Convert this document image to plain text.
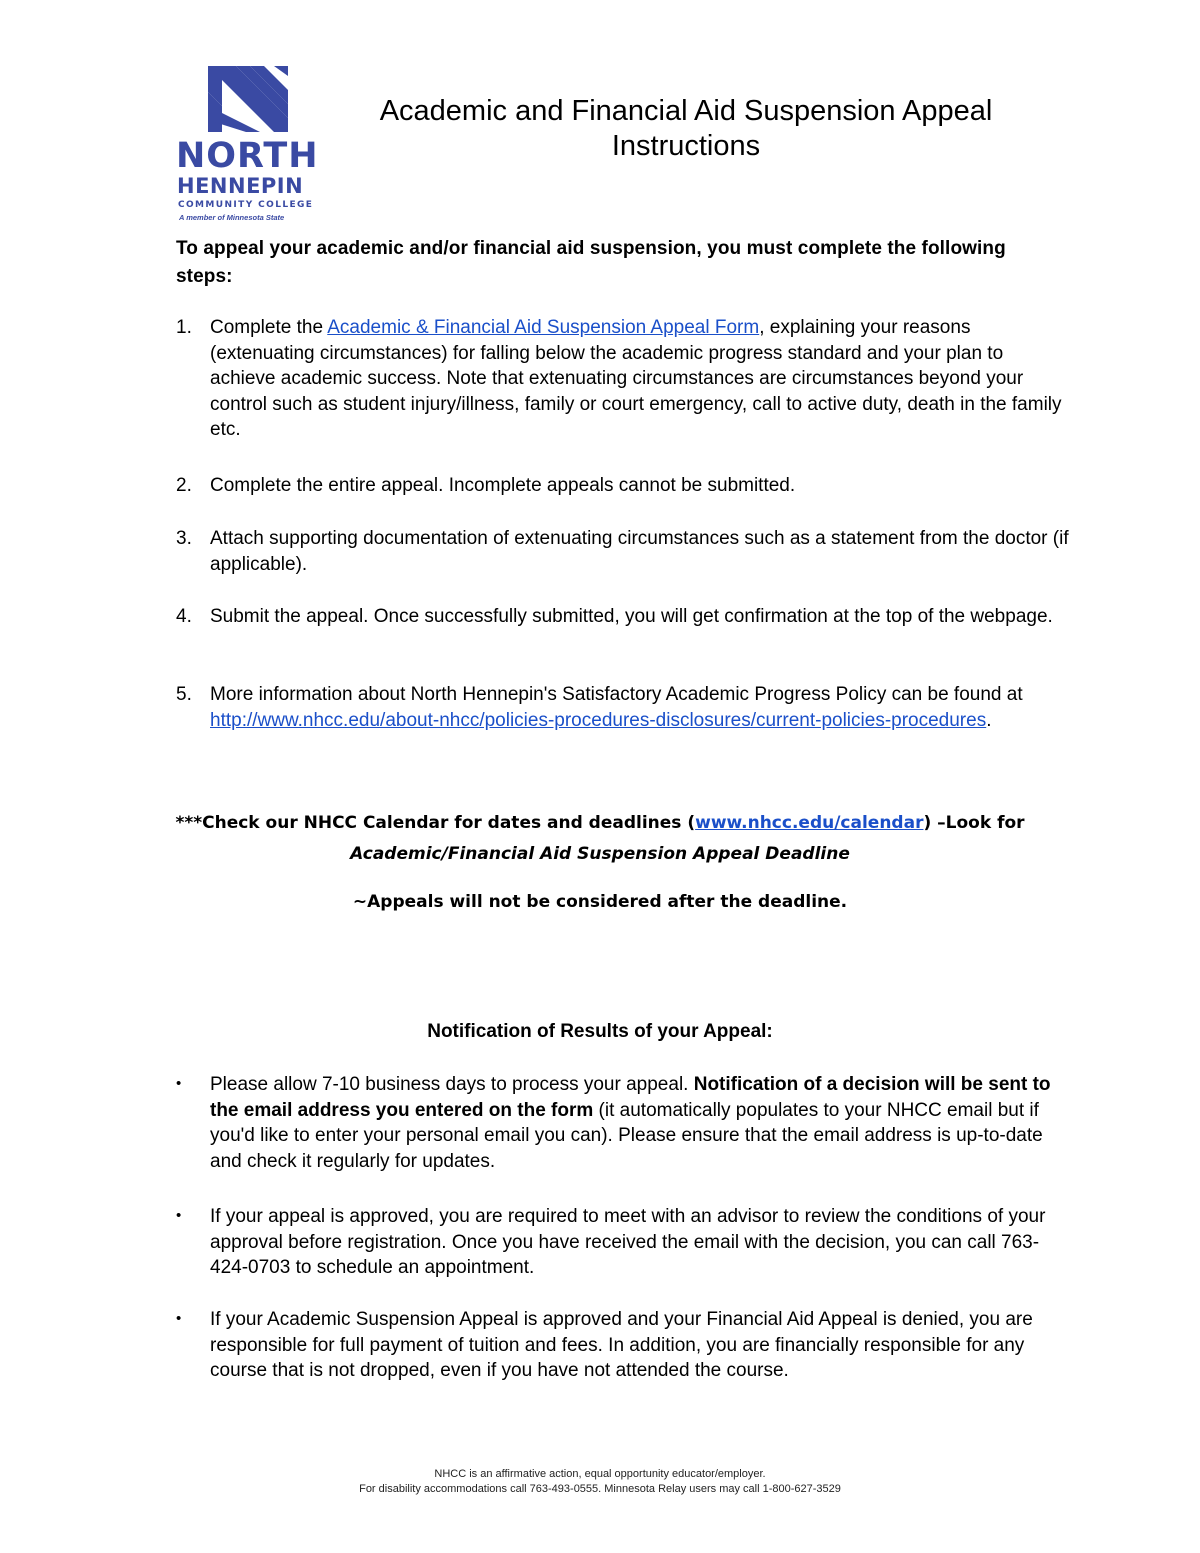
NORTH
HENNEPIN
COMMUNITY COLLEGE
A member of Minnesota State
Academic and Financial Aid Suspension Appeal
Instructions
To appeal your academic and/or financial aid suspension, you must complete the following steps:
1. Complete the Academic & Financial Aid Suspension Appeal Form, explaining your reasons (extenuating circumstances) for falling below the academic progress standard and your plan to achieve academic success. Note that extenuating circumstances are circumstances beyond your control such as student injury/illness, family or court emergency, call to active duty, death in the family etc.
2. Complete the entire appeal. Incomplete appeals cannot be submitted.
3. Attach supporting documentation of extenuating circumstances such as a statement from the doctor (if applicable).
4. Submit the appeal. Once successfully submitted, you will get confirmation at the top of the webpage.
5. More information about North Hennepin's Satisfactory Academic Progress Policy can be found at http://www.nhcc.edu/about-nhcc/policies-procedures-disclosures/current-policies-procedures.
***Check our NHCC Calendar for dates and deadlines (www.nhcc.edu/calendar) –Look for
Academic/Financial Aid Suspension Appeal Deadline
~Appeals will not be considered after the deadline.
Notification of Results of your Appeal:
• Please allow 7-10 business days to process your appeal. Notification of a decision will be sent to the email address you entered on the form (it automatically populates to your NHCC email but if you'd like to enter your personal email you can). Please ensure that the email address is up-to-date and check it regularly for updates.
• If your appeal is approved, you are required to meet with an advisor to review the conditions of your approval before registration. Once you have received the email with the decision, you can call 763-424-0703 to schedule an appointment.
• If your Academic Suspension Appeal is approved and your Financial Aid Appeal is denied, you are responsible for full payment of tuition and fees. In addition, you are financially responsible for any course that is not dropped, even if you have not attended the course.
NHCC is an affirmative action, equal opportunity educator/employer.
For disability accommodations call 763-493-0555. Minnesota Relay users may call 1-800-627-3529
